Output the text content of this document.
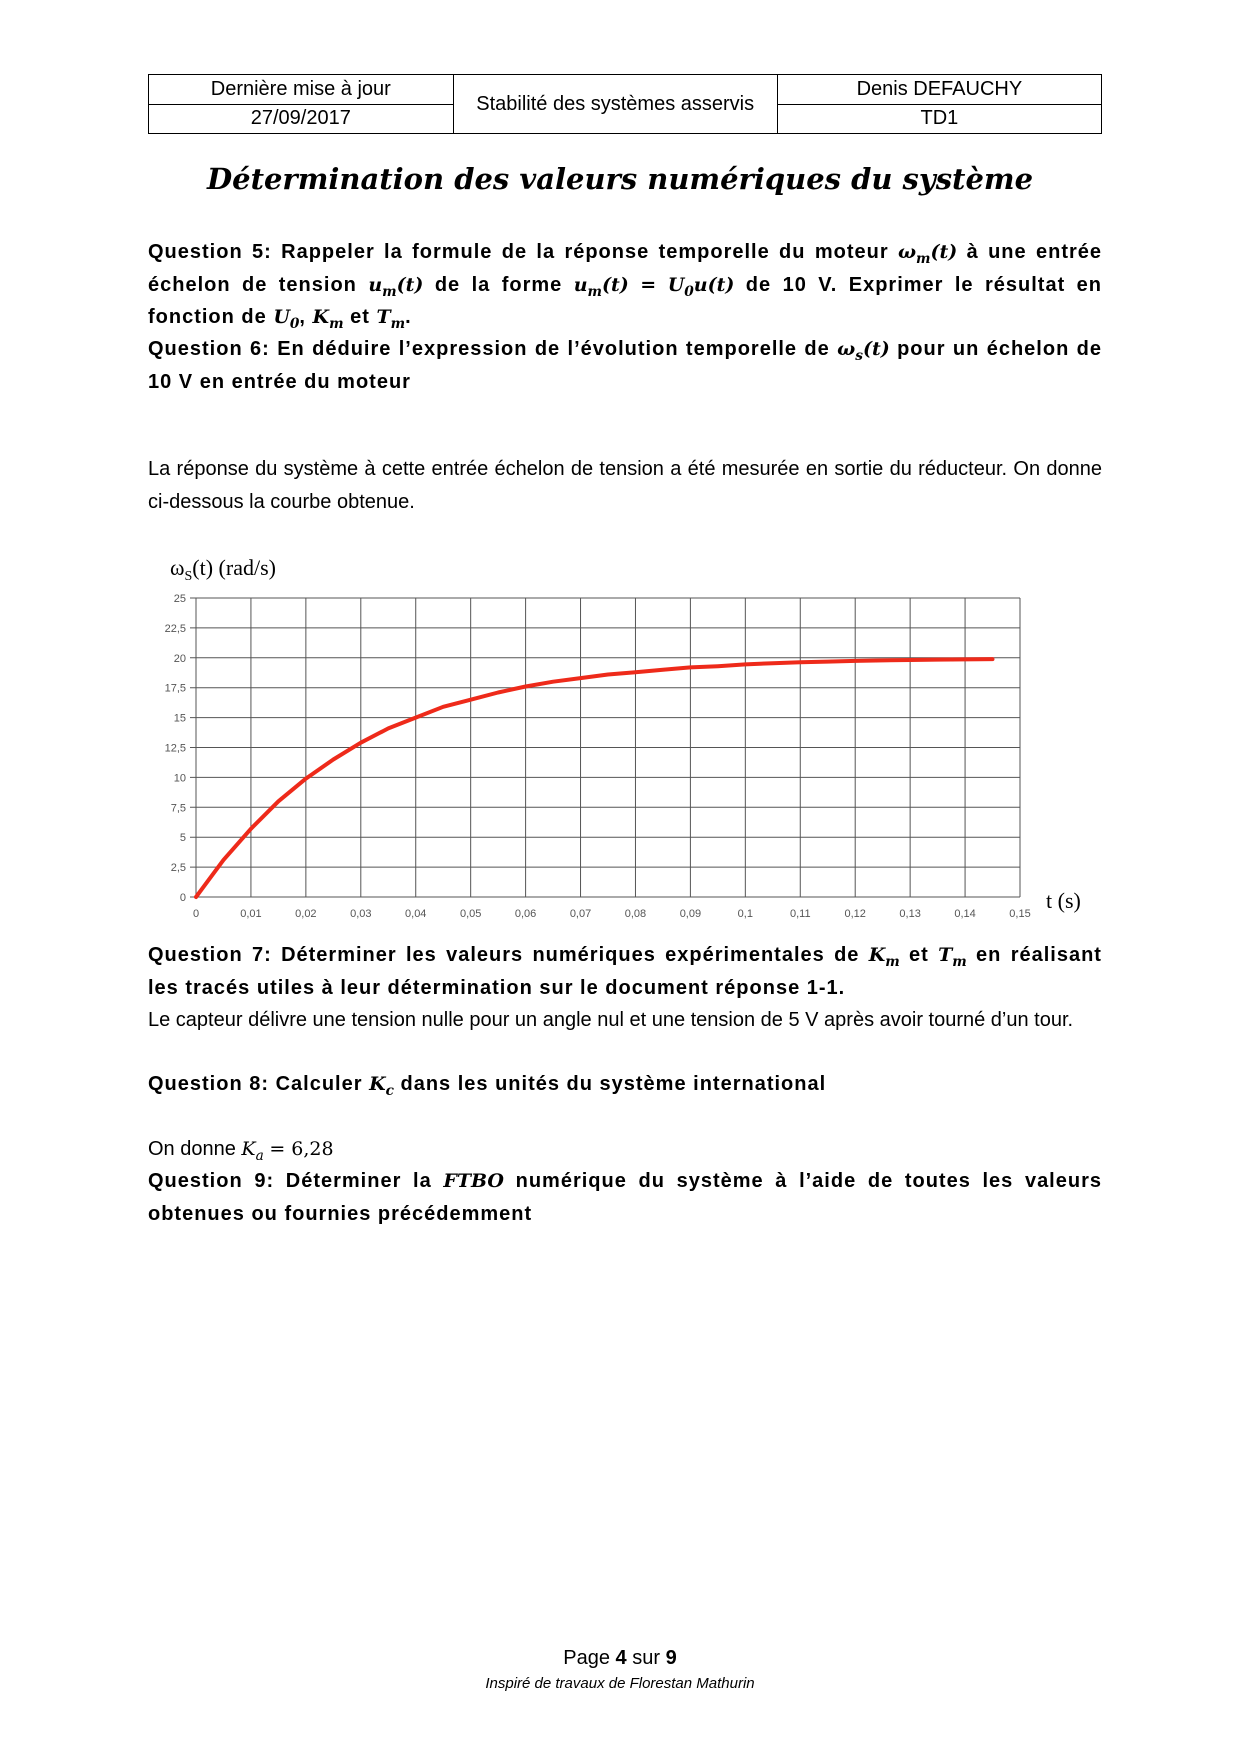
Dernière mise à jour	Stabilité des systèmes asservis	Denis DEFAUCHY
27/09/2017		TD1
Détermination des valeurs numériques du système

Question 5: Rappeler la formule de la réponse temporelle du moteur $\omega_m(t)$ à une entrée échelon de tension $u_m(t)$ de la forme $u_m(t) = U_0u(t)$ de 10 V. Exprimer le résultat en fonction de $U_0$, $K_m$ et $T_m$.

Question 6: En déduire l’expression de l’évolution temporelle de $\omega_s(t)$ pour un échelon de 10 V en entrée du moteur

La réponse du système à cette entrée échelon de tension a été mesurée en sortie du réducteur. On donne ci-dessous la courbe obtenue.

0
2,5
5
7,5
10
12,5
15
17,5
20
22,5
25
0	0,01	0,02	0,03	0,04	0,05	0,06	0,07	0,08	0,09	0,1	0,11	0,12	0,13	0,14	0,15
$\omega_S(t)$ (rad/s)
t (s)

Question 7: Déterminer les valeurs numériques expérimentales de $K_m$ et $T_m$ en réalisant les tracés utiles à leur détermination sur le document réponse 1-1.

Le capteur délivre une tension nulle pour un angle nul et une tension de 5 V après avoir tourné d’un tour.

Question 8: Calculer $K_c$ dans les unités du système international

On donne $K_a = 6,28$

Question 9: Déterminer la FTBO numérique du système à l’aide de toutes les valeurs obtenues ou fournies précédemment

Page 4 sur 9
Inspiré de travaux de Florestan Mathurin
